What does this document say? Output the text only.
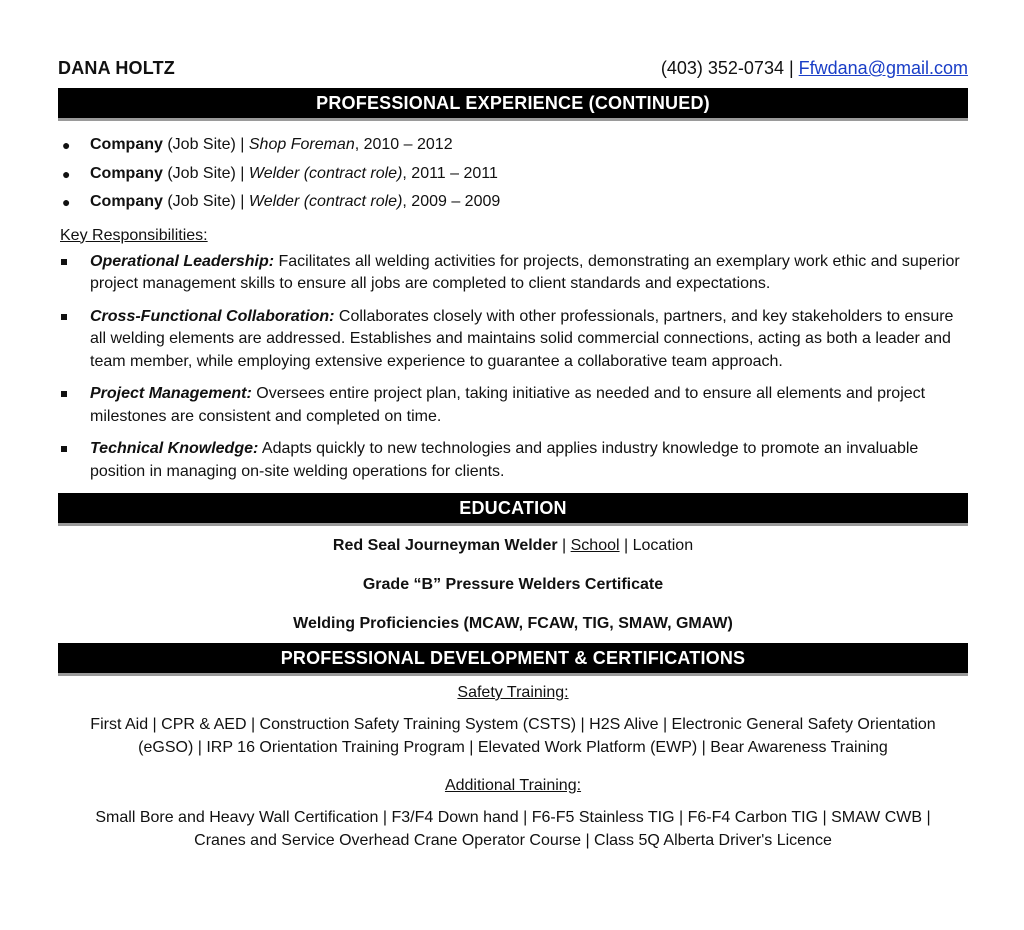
DANA HOLTZ	(403) 352-0734 | Ffwdana@gmail.com
PROFESSIONAL EXPERIENCE (CONTINUED)
● Company (Job Site) | Shop Foreman, 2010 – 2012
● Company (Job Site) | Welder (contract role), 2011 – 2011
● Company (Job Site) | Welder (contract role), 2009 – 2009
Key Responsibilities:
Operational Leadership: Facilitates all welding activities for projects, demonstrating an exemplary work ethic and superior project management skills to ensure all jobs are completed to client standards and expectations.
Cross-Functional Collaboration: Collaborates closely with other professionals, partners, and key stakeholders to ensure all welding elements are addressed. Establishes and maintains solid commercial connections, acting as both a leader and team member, while employing extensive experience to guarantee a collaborative team approach.
Project Management: Oversees entire project plan, taking initiative as needed and to ensure all elements and project milestones are consistent and completed on time.
Technical Knowledge: Adapts quickly to new technologies and applies industry knowledge to promote an invaluable position in managing on-site welding operations for clients.
EDUCATION
Red Seal Journeyman Welder | School | Location
Grade “B” Pressure Welders Certificate
Welding Proficiencies (MCAW, FCAW, TIG, SMAW, GMAW)
PROFESSIONAL DEVELOPMENT & CERTIFICATIONS
Safety Training:
First Aid | CPR & AED | Construction Safety Training System (CSTS) | H2S Alive | Electronic General Safety Orientation
(eGSO) | IRP 16 Orientation Training Program | Elevated Work Platform (EWP) | Bear Awareness Training
Additional Training:
Small Bore and Heavy Wall Certification | F3/F4 Down hand | F6-F5 Stainless TIG | F6-F4 Carbon TIG | SMAW CWB |
Cranes and Service Overhead Crane Operator Course | Class 5Q Alberta Driver's Licence
